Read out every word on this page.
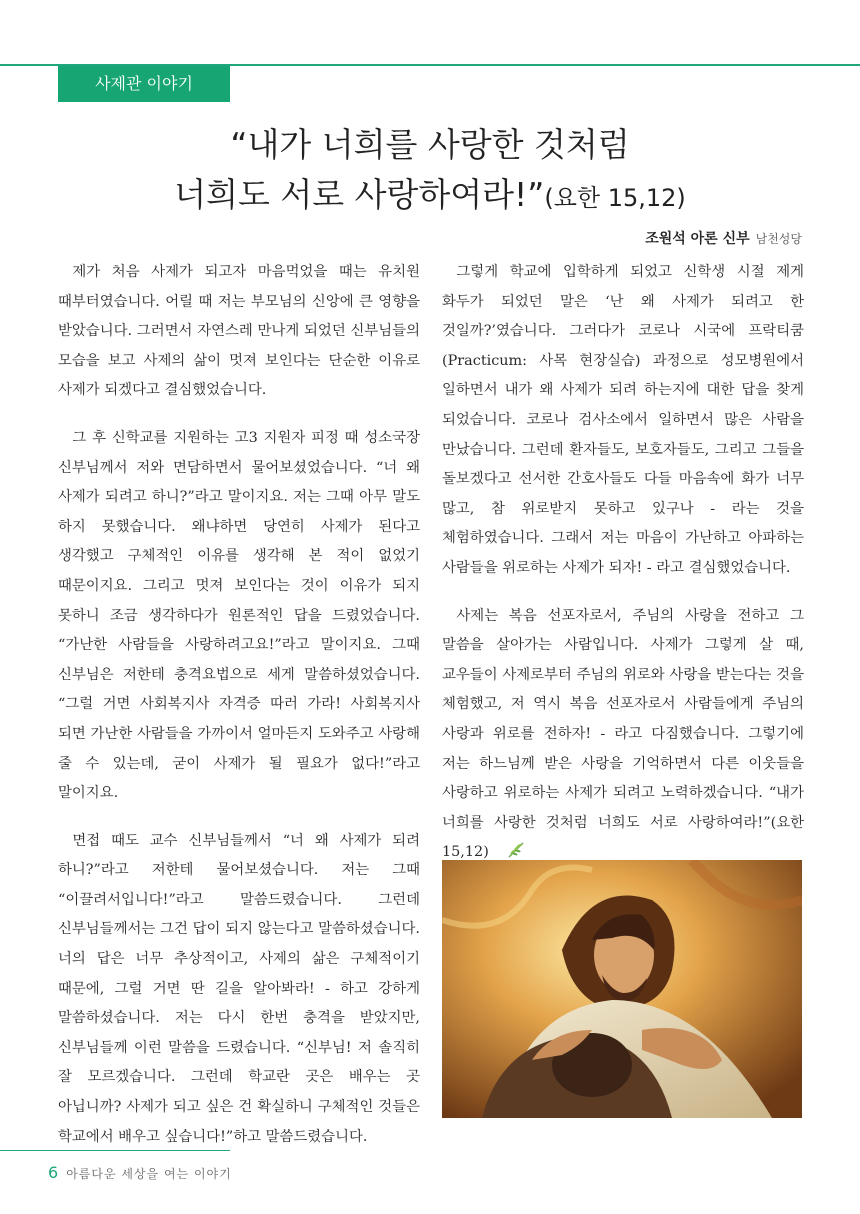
사제관 이야기
“내가 너희를 사랑한 것처럼
너희도 서로 사랑하여라!”(요한 15,12)
조원석 아론 신부 남천성당

제가 처음 사제가 되고자 마음먹었을 때는 유치원 때부터였습니다. 어릴 때 저는 부모님의 신앙에 큰 영향을 받았습니다. 그러면서 자연스레 만나게 되었던 신부님들의 모습을 보고 사제의 삶이 멋져 보인다는 단순한 이유로 사제가 되겠다고 결심했었습니다.

그 후 신학교를 지원하는 고3 지원자 피정 때 성소국장 신부님께서 저와 면담하면서 물어보셨었습니다. “너 왜 사제가 되려고 하니?”라고 말이지요. 저는 그때 아무 말도 하지 못했습니다. 왜냐하면 당연히 사제가 된다고 생각했고 구체적인 이유를 생각해 본 적이 없었기 때문이지요. 그리고 멋져 보인다는 것이 이유가 되지 못하니 조금 생각하다가 원론적인 답을 드렸었습니다. “가난한 사람들을 사랑하려고요!”라고 말이지요. 그때 신부님은 저한테 충격요법으로 세게 말씀하셨었습니다. “그럴 거면 사회복지사 자격증 따러 가라! 사회복지사 되면 가난한 사람들을 가까이서 얼마든지 도와주고 사랑해 줄 수 있는데, 굳이 사제가 될 필요가 없다!”라고 말이지요.

면접 때도 교수 신부님들께서 “너 왜 사제가 되려 하니?”라고 저한테 물어보셨습니다. 저는 그때 “이끌려서입니다!”라고 말씀드렸습니다. 그런데 신부님들께서는 그건 답이 되지 않는다고 말씀하셨습니다. 너의 답은 너무 추상적이고, 사제의 삶은 구체적이기 때문에, 그럴 거면 딴 길을 알아봐라! - 하고 강하게 말씀하셨습니다. 저는 다시 한번 충격을 받았지만, 신부님들께 이런 말씀을 드렸습니다. “신부님! 저 솔직히 잘 모르겠습니다. 그런데 학교란 곳은 배우는 곳 아닙니까? 사제가 되고 싶은 건 확실하니 구체적인 것들은 학교에서 배우고 싶습니다!”하고 말씀드렸습니다.

그렇게 학교에 입학하게 되었고 신학생 시절 제게 화두가 되었던 말은 ‘난 왜 사제가 되려고 한 것일까?’였습니다. 그러다가 코로나 시국에 프락티쿰(Practicum: 사목 현장실습) 과정으로 성모병원에서 일하면서 내가 왜 사제가 되려 하는지에 대한 답을 찾게 되었습니다. 코로나 검사소에서 일하면서 많은 사람을 만났습니다. 그런데 환자들도, 보호자들도, 그리고 그들을 돌보겠다고 선서한 간호사들도 다들 마음속에 화가 너무 많고, 참 위로받지 못하고 있구나 - 라는 것을 체험하였습니다. 그래서 저는 마음이 가난하고 아파하는 사람들을 위로하는 사제가 되자! - 라고 결심했었습니다.

사제는 복음 선포자로서, 주님의 사랑을 전하고 그 말씀을 살아가는 사람입니다. 사제가 그렇게 살 때, 교우들이 사제로부터 주님의 위로와 사랑을 받는다는 것을 체험했고, 저 역시 복음 선포자로서 사람들에게 주님의 사랑과 위로를 전하자! - 라고 다짐했습니다. 그렇기에 저는 하느님께 받은 사랑을 기억하면서 다른 이웃들을 사랑하고 위로하는 사제가 되려고 노력하겠습니다. “내가 너희를 사랑한 것처럼 너희도 서로 사랑하여라!”(요한 15,12)

6 아름다운 세상을 여는 이야기
